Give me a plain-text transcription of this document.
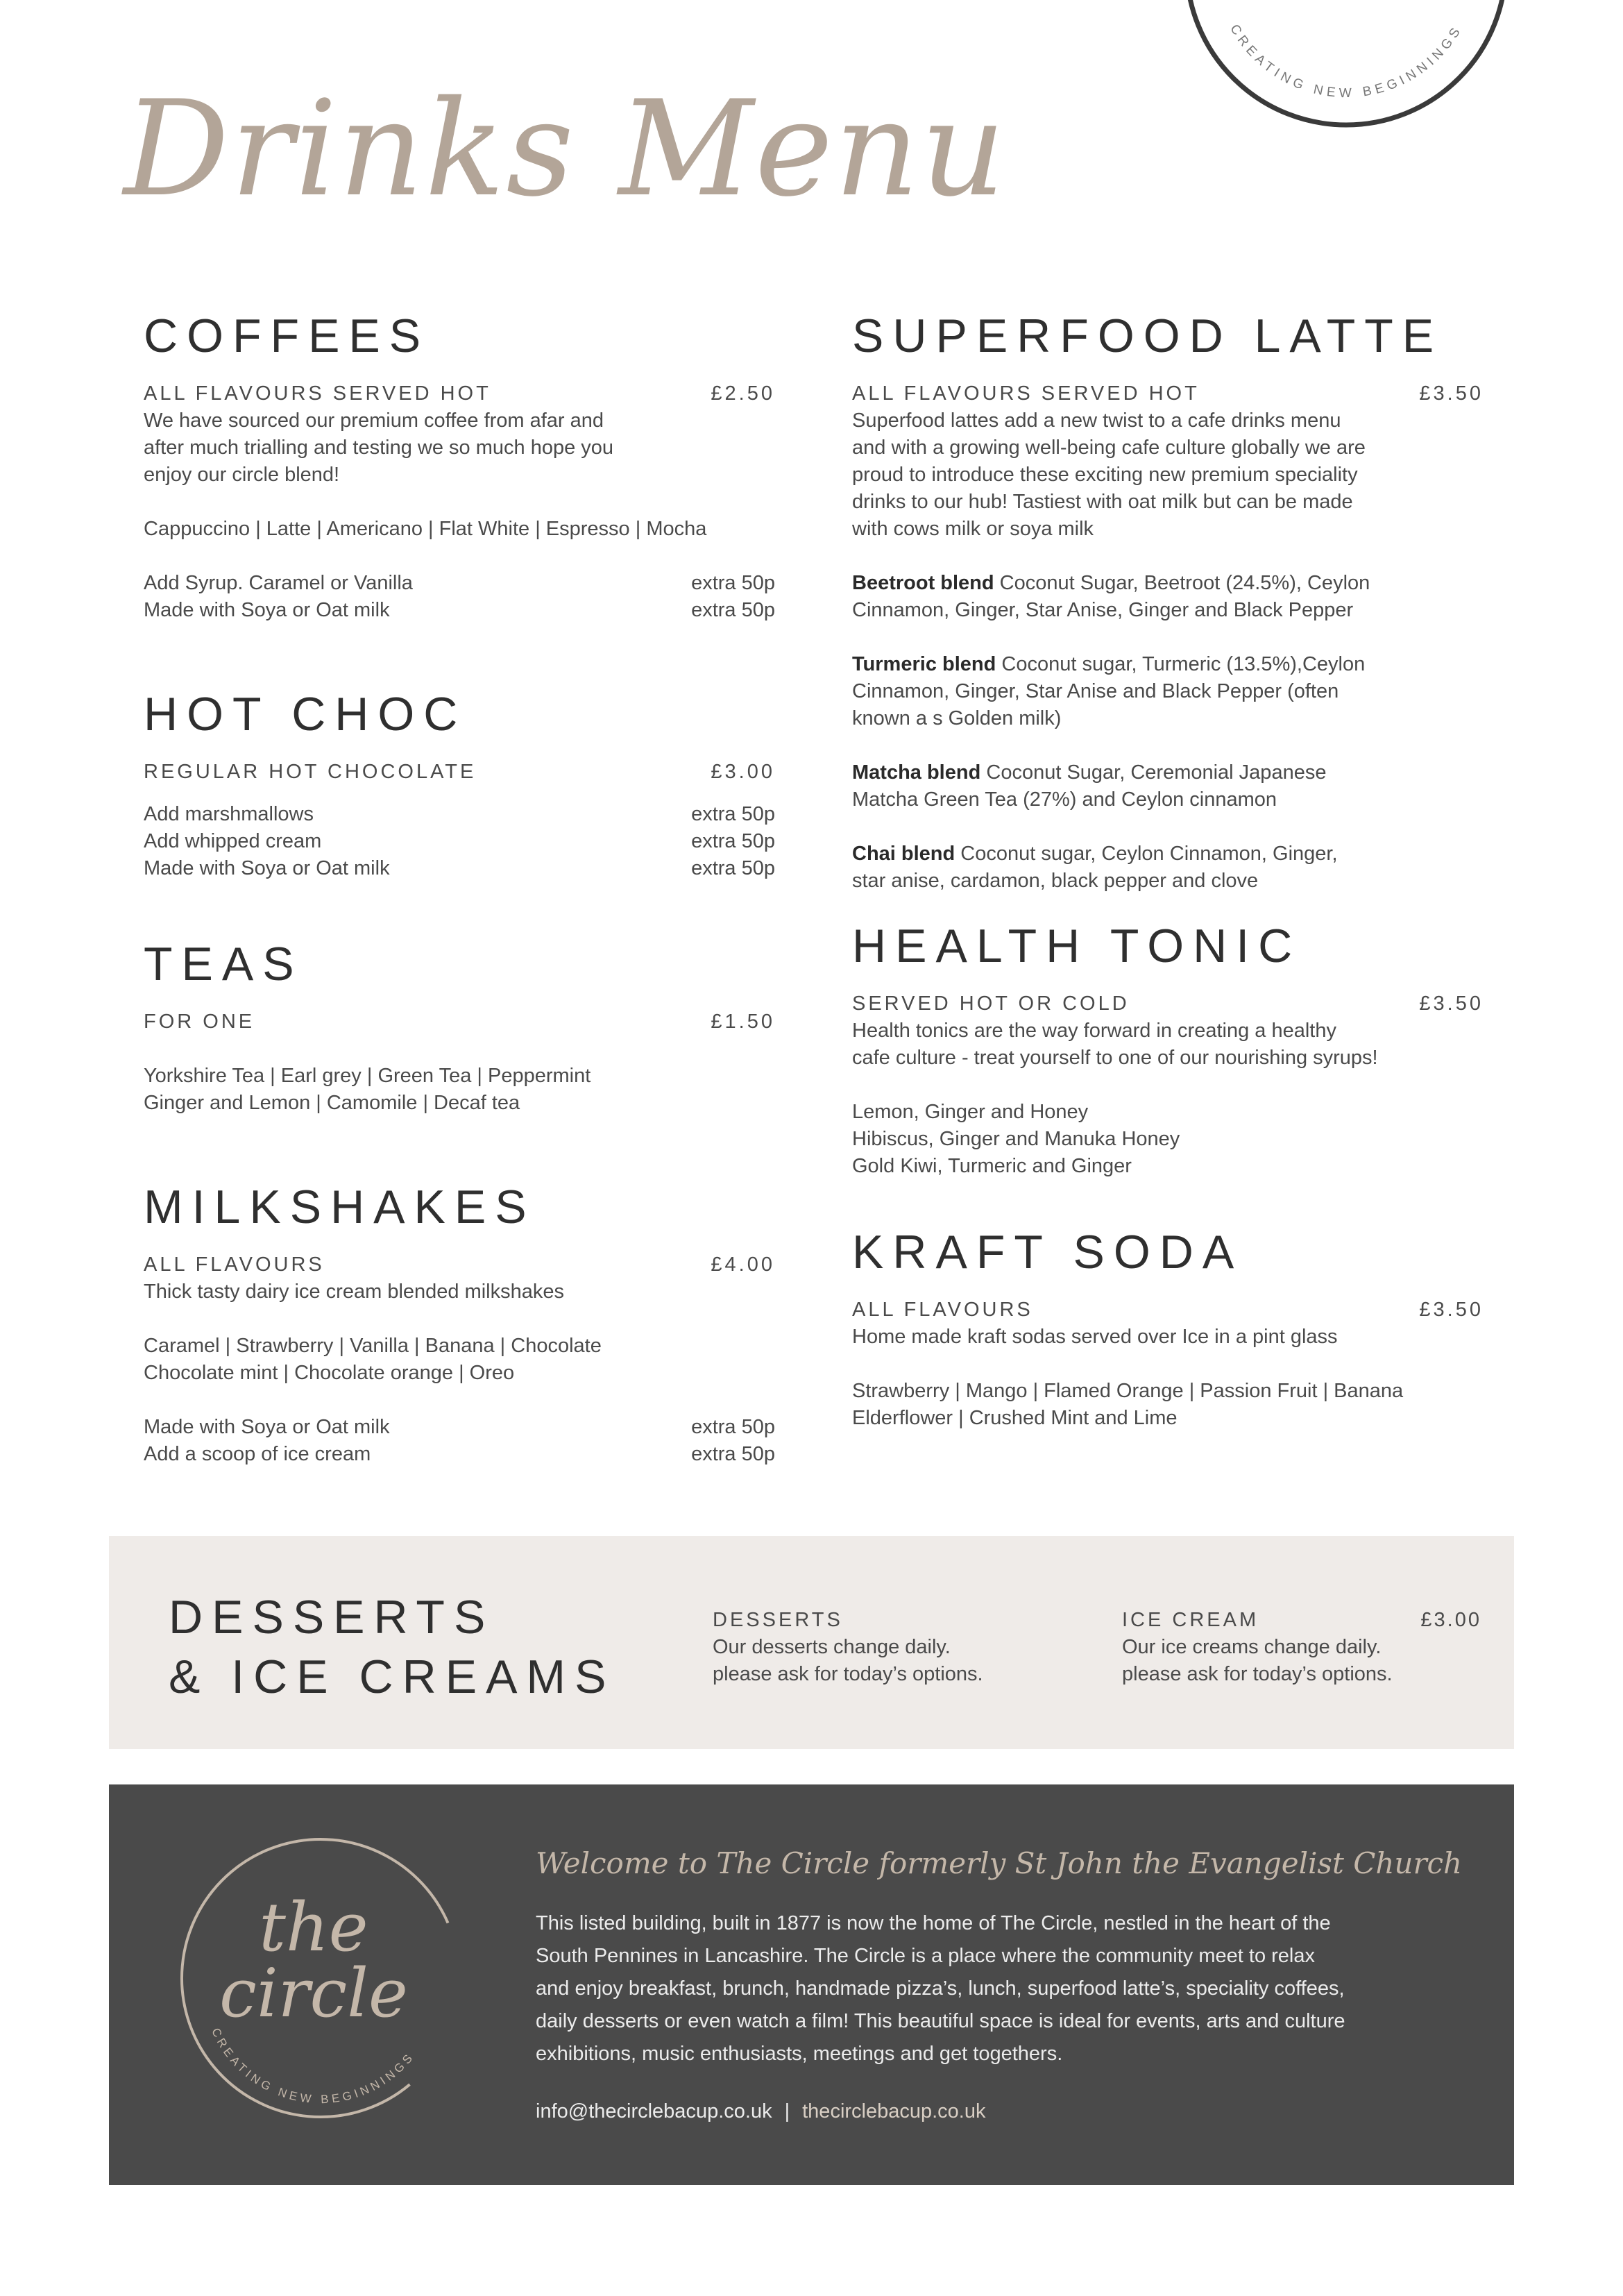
Drinks Menu
CREATING NEW BEGINNINGS
COFFEES
ALL FLAVOURS SERVED HOT	£2.50
We have sourced our premium coffee from afar and
after much trialling and testing we so much hope you
enjoy our circle blend!
Cappuccino | Latte | Americano | Flat White | Espresso | Mocha
Add Syrup. Caramel or Vanilla	extra 50p
Made with Soya or Oat milk	extra 50p
HOT CHOC
REGULAR HOT CHOCOLATE	£3.00
Add marshmallows	extra 50p
Add whipped cream	extra 50p
Made with Soya or Oat milk	extra 50p
TEAS
FOR ONE	£1.50
Yorkshire Tea | Earl grey | Green Tea | Peppermint
Ginger and Lemon | Camomile | Decaf tea
MILKSHAKES
ALL FLAVOURS	£4.00
Thick tasty dairy ice cream blended milkshakes
Caramel | Strawberry | Vanilla | Banana | Chocolate
Chocolate mint | Chocolate orange | Oreo
Made with Soya or Oat milk	extra 50p
Add a scoop of ice cream	extra 50p
SUPERFOOD LATTE
ALL FLAVOURS SERVED HOT	£3.50
Superfood lattes add a new twist to a cafe drinks menu
and with a growing well-being cafe culture globally we are
proud to introduce these exciting new premium speciality
drinks to our hub! Tastiest with oat milk but can be made
with cows milk or soya milk
Beetroot blend Coconut Sugar, Beetroot (24.5%), Ceylon
Cinnamon, Ginger, Star Anise, Ginger and Black Pepper
Turmeric blend Coconut sugar, Turmeric (13.5%),Ceylon
Cinnamon, Ginger, Star Anise and Black Pepper (often
known a s Golden milk)
Matcha blend Coconut Sugar, Ceremonial Japanese
Matcha Green Tea (27%) and Ceylon cinnamon
Chai blend Coconut sugar, Ceylon Cinnamon, Ginger,
star anise, cardamon, black pepper and clove
HEALTH TONIC
SERVED HOT OR COLD	£3.50
Health tonics are the way forward in creating a healthy
cafe culture - treat yourself to one of our nourishing syrups!
Lemon, Ginger and Honey
Hibiscus, Ginger and Manuka Honey
Gold Kiwi, Turmeric and Ginger
KRAFT SODA
ALL FLAVOURS	£3.50
Home made kraft sodas served over Ice in a pint glass
Strawberry | Mango | Flamed Orange | Passion Fruit | Banana
Elderflower | Crushed Mint and Lime
DESSERTS
& ICE CREAMS
DESSERTS
Our desserts change daily.
please ask for today’s options.
ICE CREAM	£3.00
Our ice creams change daily.
please ask for today’s options.
the
circle
CREATING NEW BEGINNINGS
Welcome to The Circle formerly St John the Evangelist Church
This listed building, built in 1877 is now the home of The Circle, nestled in the heart of the
South Pennines in Lancashire. The Circle is a place where the community meet to relax
and enjoy breakfast, brunch, handmade pizza’s, lunch, superfood latte’s, speciality coffees,
daily desserts or even watch a film! This beautiful space is ideal for events, arts and culture
exhibitions, music enthusiasts, meetings and get togethers.
info@thecirclebacup.co.uk | thecirclebacup.co.uk
